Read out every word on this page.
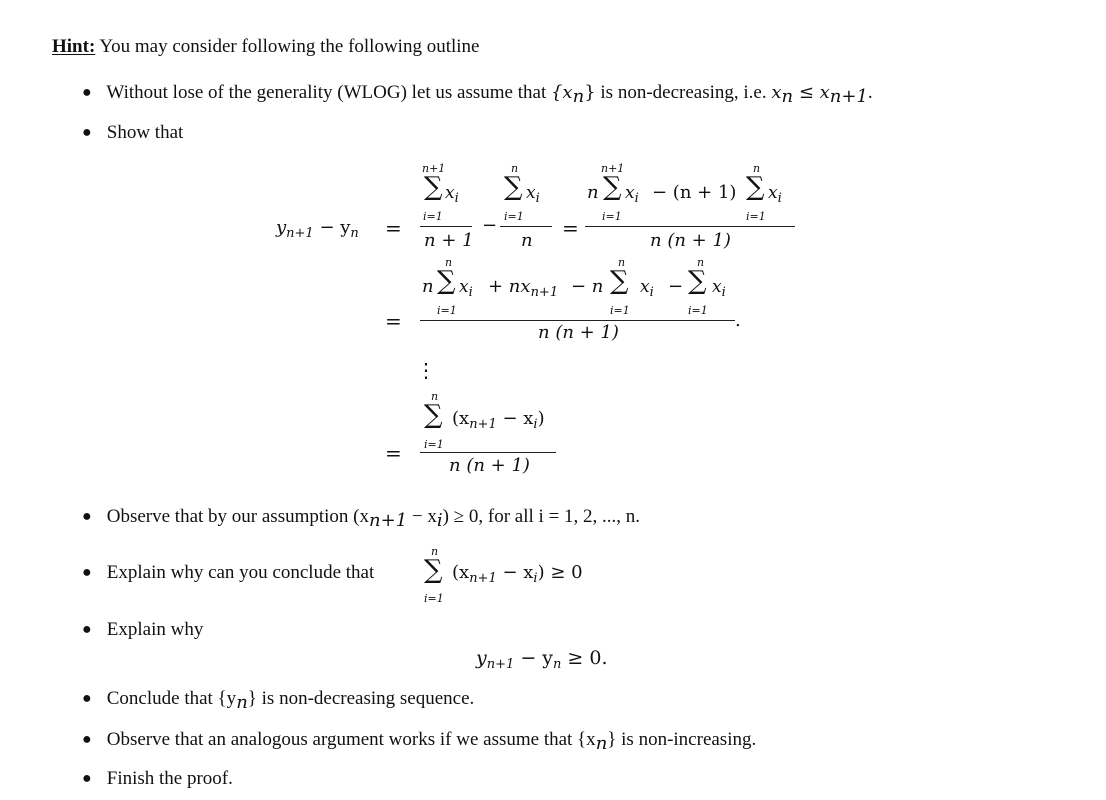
Hint: You may consider following the following outline
● Without lose of the generality (WLOG) let us assume that {xn} is non-decreasing, i.e. xn ≤ xn+1.
● Show that
$y_{n+1} - y_n$ =
n+1
∑ $x_i$
i=1
n + 1
−
n
∑ $x_i$
i=1
n
=
n
n+1
∑ $x_i$
i=1
− (n + 1)
n
∑ $x_i$
i=1
n (n + 1)
=
n
n
∑ $x_i$
i=1
+ $nx_{n+1} - n$
n
∑ $x_i$
i=1
−
n
∑ $x_i$
i=1
n (n + 1)
.
⋮
=
n
∑
i=1
$(x_{n+1} - x_i)$
n (n + 1)
● Observe that by our assumption (xn+1 − xi) ≥ 0, for all i = 1, 2, ..., n.
● Explain why can you conclude that
n
∑
i=1
$(x_{n+1} - x_i) \ge 0$
● Explain why
$y_{n+1} - y_n \ge 0$.
● Conclude that {yn} is non-decreasing sequence.
● Observe that an analogous argument works if we assume that {xn} is non-increasing.
● Finish the proof.
